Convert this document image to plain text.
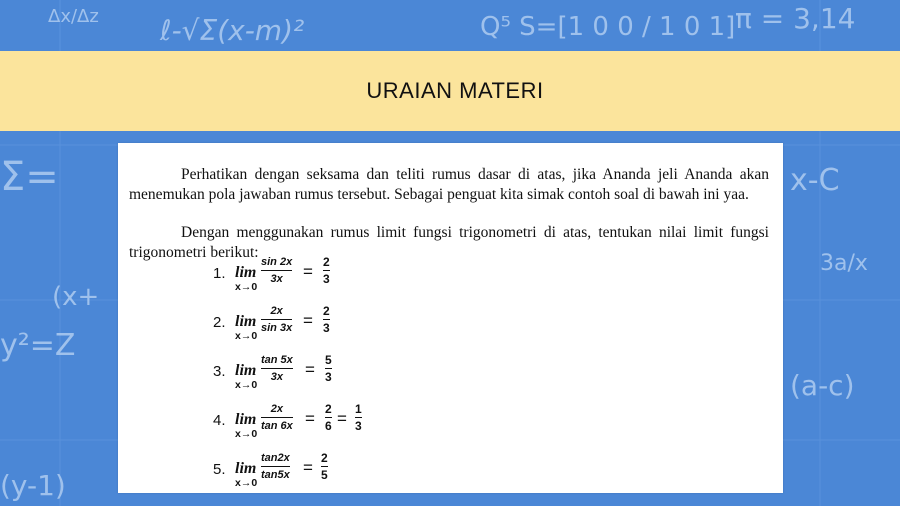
Δx/Δz ℓ-√Σ(x-m)²	Q⁵ S=[1 0 0 / 1 0 1] π = 3,14
Σ=
(x+
y²=Z
x-C
3a/x
(a-c)
(y-1)
URAIAN MATERI

Perhatikan dengan seksama dan teliti rumus dasar di atas, jika Ananda jeli Ananda akan menemukan pola jawaban rumus tersebut. Sebagai penguat kita simak contoh soal di bawah ini yaa.

Dengan menggunakan rumus limit fungsi trigonometri di atas, tentukan nilai limit fungsi trigonometri berikut:

1. lim
x→0
sin 2x
3x = 2
3
2. lim
x→0
2x
sin 3x = 2
3
3. lim
x→0
tan 5x
3x = 5
3
4. lim
x→0
2x
tan 6x = 2
6 = 1
3
5. lim
x→0
tan2x
tan5x = 2
5
